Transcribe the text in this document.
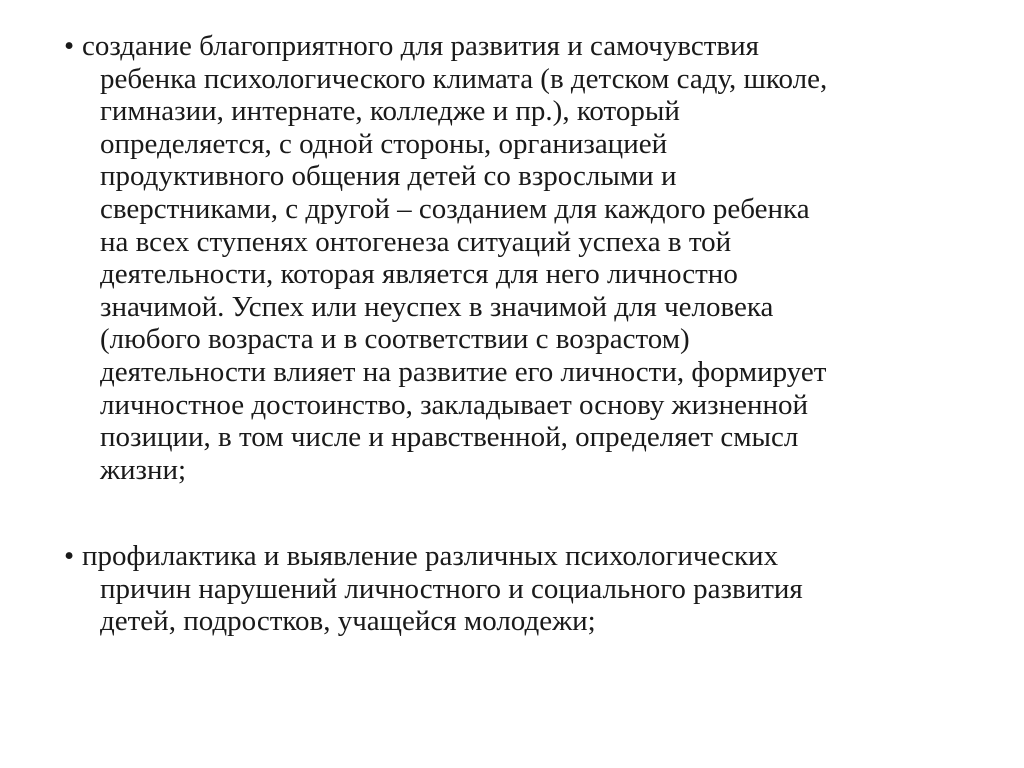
• создание благоприятного для развития и самочувствия

ребенка психологического климата (в детском саду, школе,

гимназии, интернате, колледже и пр.), который

определяется, с одной стороны, организацией

продуктивного общения детей со взрослыми и

сверстниками, с другой – созданием для каждого ребенка

на всех ступенях онтогенеза ситуаций успеха в той

деятельности, которая является для него личностно

значимой. Успех или неуспех в значимой для человека

(любого возраста и в соответствии с возрастом)

деятельности влияет на развитие его личности, формирует

личностное достоинство, закладывает основу жизненной

позиции, в том числе и нравственной, определяет смысл

жизни;

• профилактика и выявление различных психологических

причин нарушений личностного и социального развития

детей, подростков, учащейся молодежи;
